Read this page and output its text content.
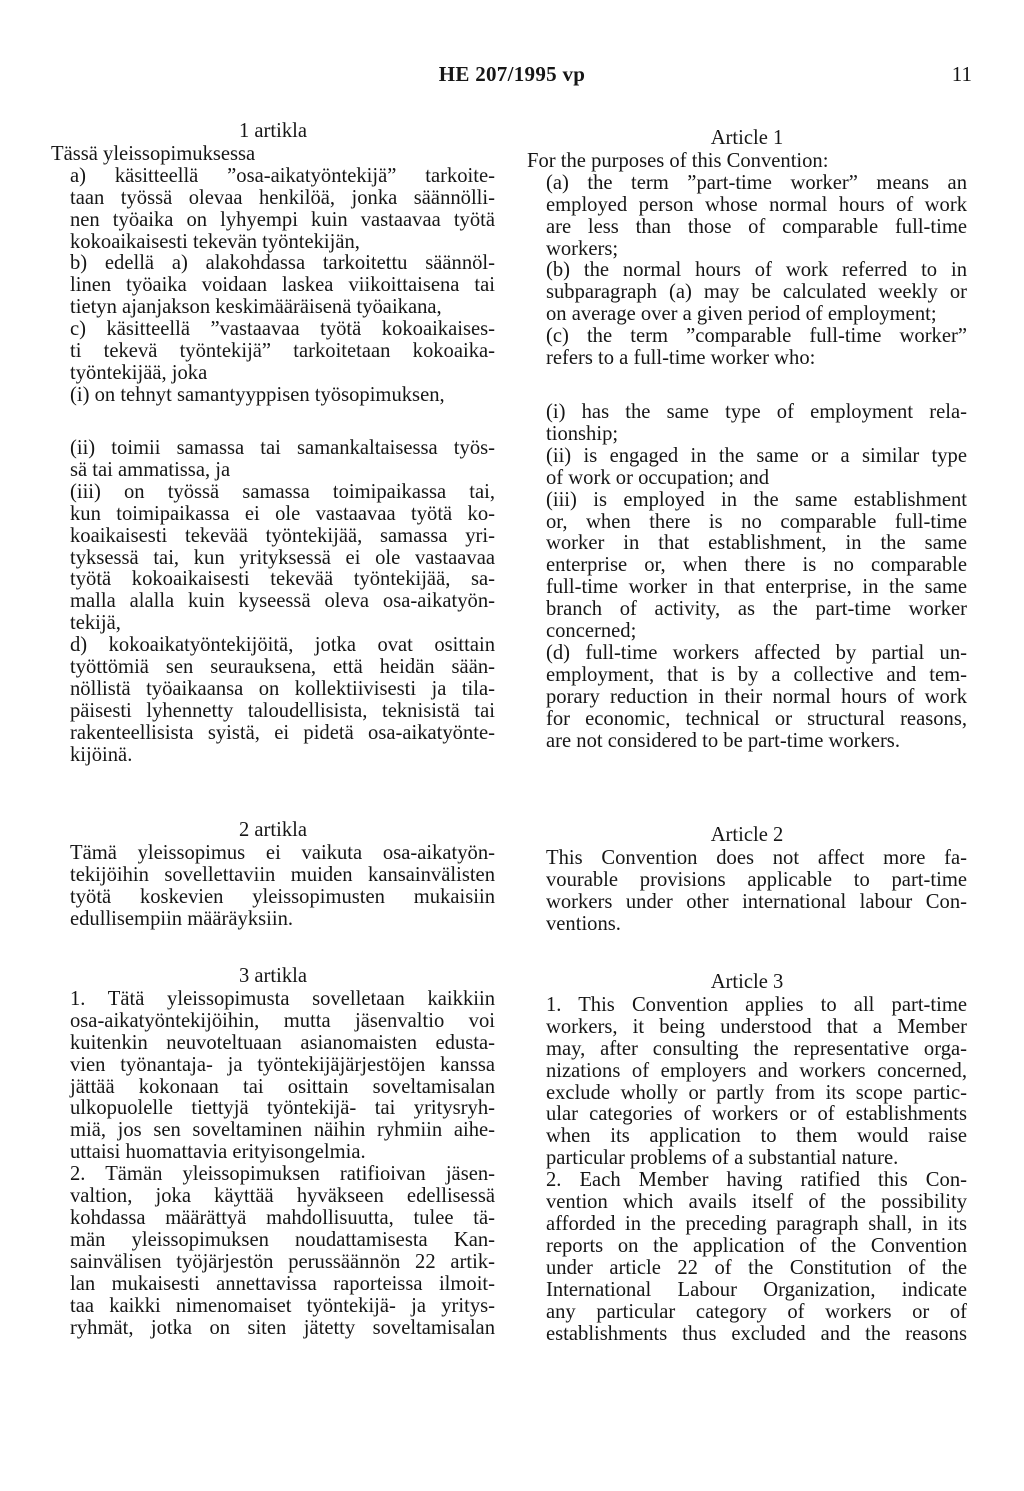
HE 207/1995 vp	11

1 artikla

Tässä yleissopimuksessa

a) käsitteellä ”osa-aikatyöntekijä” tarkoite-
taan työssä olevaa henkilöä, jonka säännölli-
nen työaika on lyhyempi kuin vastaavaa työtä
kokoaikaisesti tekevän työntekijän,

b) edellä a) alakohdassa tarkoitettu säännöl-
linen työaika voidaan laskea viikoittaisena tai
tietyn ajanjakson keskimääräisenä työaikana,

c) käsitteellä ”vastaavaa työtä kokoaikaises-
ti tekevä työntekijä” tarkoitetaan kokoaika-
työntekijää, joka

(i) on tehnyt samantyyppisen työsopimuksen,

(ii) toimii samassa tai samankaltaisessa työs-
sä tai ammatissa, ja

(iii) on työssä samassa toimipaikassa tai,
kun toimipaikassa ei ole vastaavaa työtä ko-
koaikaisesti tekevää työntekijää, samassa yri-
tyksessä tai, kun yrityksessä ei ole vastaavaa
työtä kokoaikaisesti tekevää työntekijää, sa-
malla alalla kuin kyseessä oleva osa-aikatyön-
tekijä,

d) kokoaikatyöntekijöitä, jotka ovat osittain
työttömiä sen seurauksena, että heidän sään-
nöllistä työaikaansa on kollektiivisesti ja tila-
päisesti lyhennetty taloudellisista, teknisistä tai
rakenteellisista syistä, ei pidetä osa-aikatyönte-
kijöinä.

2 artikla

Tämä yleissopimus ei vaikuta osa-aikatyön-
tekijöihin sovellettaviin muiden kansainvälisten
työtä koskevien yleissopimusten mukaisiin
edullisempiin määräyksiin.

3 artikla

1. Tätä yleissopimusta sovelletaan kaikkiin
osa-aikatyöntekijöihin, mutta jäsenvaltio voi
kuitenkin neuvoteltuaan asianomaisten edusta-
vien työnantaja- ja työntekijäjärjestöjen kanssa
jättää kokonaan tai osittain soveltamisalan
ulkopuolelle tiettyjä työntekijä- tai yritysryh-
miä, jos sen soveltaminen näihin ryhmiin aihe-
uttaisi huomattavia erityisongelmia.

2. Tämän yleissopimuksen ratifioivan jäsen-
valtion, joka käyttää hyväkseen edellisessä
kohdassa määrättyä mahdollisuutta, tulee tä-
män yleissopimuksen noudattamisesta Kan-
sainvälisen työjärjestön perussäännön 22 artik-
lan mukaisesti annettavissa raporteissa ilmoit-
taa kaikki nimenomaiset työntekijä- ja yritys-
ryhmät, jotka on siten jätetty soveltamisalan

Article 1

For the purposes of this Convention:

(a) the term ”part-time worker” means an
employed person whose normal hours of work
are less than those of comparable full-time
workers;

(b) the normal hours of work referred to in
subparagraph (a) may be calculated weekly or
on average over a given period of employment;

(c) the term ”comparable full-time worker”
refers to a full-time worker who:

(i) has the same type of employment rela-
tionship;

(ii) is engaged in the same or a similar type
of work or occupation; and

(iii) is employed in the same establishment
or, when there is no comparable full-time
worker in that establishment, in the same
enterprise or, when there is no comparable
full-time worker in that enterprise, in the same
branch of activity, as the part-time worker
concerned;

(d) full-time workers affected by partial un-
employment, that is by a collective and tem-
porary reduction in their normal hours of work
for economic, technical or structural reasons,
are not considered to be part-time workers.

Article 2

This Convention does not affect more fa-
vourable provisions applicable to part-time
workers under other international labour Con-
ventions.

Article 3

1. This Convention applies to all part-time
workers, it being understood that a Member
may, after consulting the representative orga-
nizations of employers and workers concerned,
exclude wholly or partly from its scope partic-
ular categories of workers or of establishments
when its application to them would raise
particular problems of a substantial nature.

2. Each Member having ratified this Con-
vention which avails itself of the possibility
afforded in the preceding paragraph shall, in its
reports on the application of the Convention
under article 22 of the Constitution of the
International Labour Organization, indicate
any particular category of workers or of
establishments thus excluded and the reasons
